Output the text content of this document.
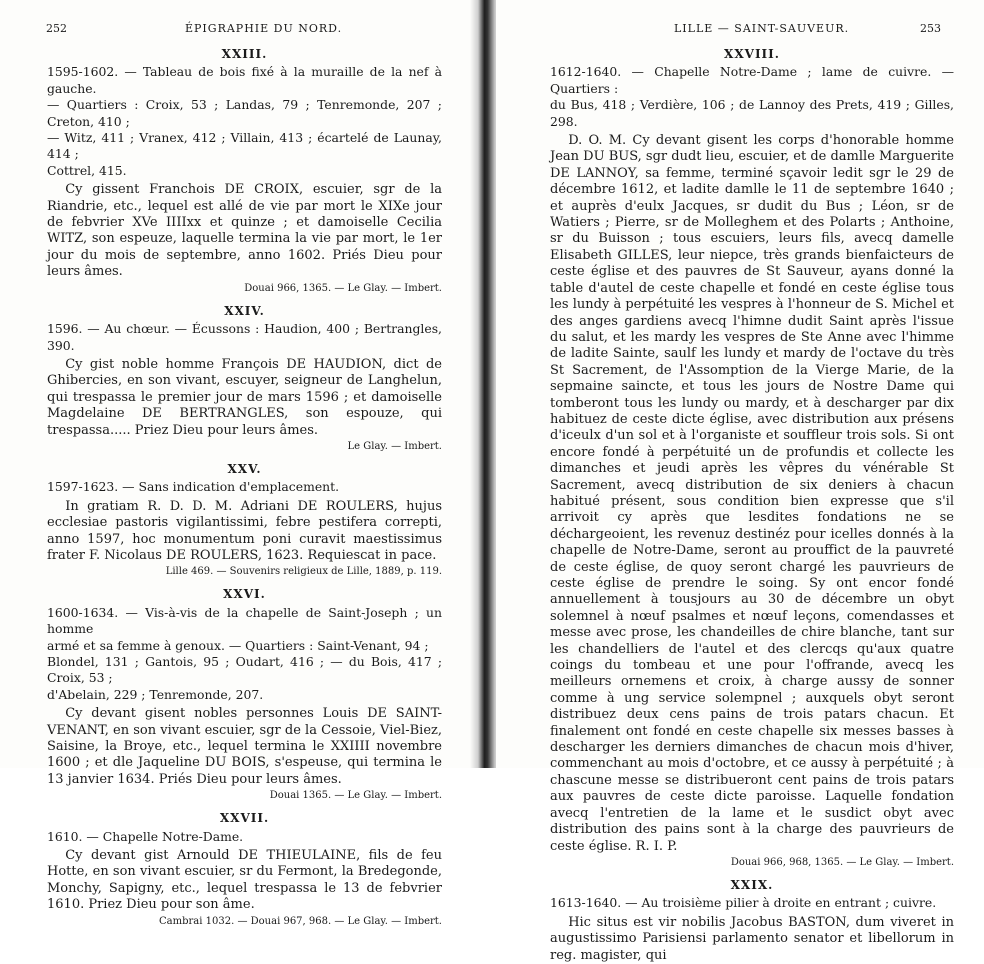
252	ÉPIGRAPHIE DU NORD.
XXIII.
1595-1602. — Tableau de bois fixé à la muraille de la nef à gauche.
— Quartiers : Croix, 53 ; Landas, 79 ; Tenremonde, 207 ; Creton, 410 ;
— Witz, 411 ; Vranex, 412 ; Villain, 413 ; écartelé de Launay, 414 ;
Cottrel, 415.
Cy gissent Franchois DE CROIX, escuier, sgr de la Riandrie, etc., lequel est allé de vie par mort le XIXe jour de febvrier XVe IIIIxx et quinze ; et damoiselle Cecilia WITZ, son espeuze, laquelle termina la vie par mort, le 1er jour du mois de septembre, anno 1602. Priés Dieu pour leurs âmes.
Douai 966, 1365. — Le Glay. — Imbert.
XXIV.
1596. — Au chœur. — Écussons : Haudion, 400 ; Bertrangles, 390.
Cy gist noble homme François DE HAUDION, dict de Ghibercies, en son vivant, escuyer, seigneur de Langhelun, qui trespassa le premier jour de mars 1596 ; et damoiselle Magdelaine DE BERTRANGLES, son espouze, qui trespassa..... Priez Dieu pour leurs âmes.
Le Glay. — Imbert.
XXV.
1597-1623. — Sans indication d'emplacement.
In gratiam R. D. D. M. Adriani DE ROULERS, hujus ecclesiae pastoris vigilantissimi, febre pestifera correpti, anno 1597, hoc monumentum poni curavit maestissimus frater F. Nicolaus DE ROULERS, 1623. Requiescat in pace.
Lille 469. — Souvenirs religieux de Lille, 1889, p. 119.
XXVI.
1600-1634. — Vis-à-vis de la chapelle de Saint-Joseph ; un homme
armé et sa femme à genoux. — Quartiers : Saint-Venant, 94 ;
Blondel, 131 ; Gantois, 95 ; Oudart, 416 ; — du Bois, 417 ; Croix, 53 ;
d'Abelain, 229 ; Tenremonde, 207.
Cy devant gisent nobles personnes Louis DE SAINT-VENANT, en son vivant escuier, sgr de la Cessoie, Viel-Biez, Saisine, la Broye, etc., lequel termina le XXIIII novembre 1600 ; et dle Jaqueline DU BOIS, s'espeuse, qui termina le 13 janvier 1634. Priés Dieu pour leurs âmes.
Douai 1365. — Le Glay. — Imbert.
XXVII.
1610. — Chapelle Notre-Dame.
Cy devant gist Arnould DE THIEULAINE, fils de feu Hotte, en son vivant escuier, sr du Fermont, la Bredegonde, Monchy, Sapigny, etc., lequel trespassa le 13 de febvrier 1610. Priez Dieu pour son âme.
Cambrai 1032. — Douai 967, 968. — Le Glay. — Imbert.
LILLE — SAINT-SAUVEUR.	253
XXVIII.
1612-1640. — Chapelle Notre-Dame ; lame de cuivre. — Quartiers :
du Bus, 418 ; Verdière, 106 ; de Lannoy des Prets, 419 ; Gilles, 298.
D. O. M. Cy devant gisent les corps d'honorable homme Jean DU BUS, sgr dudt lieu, escuier, et de damlle Marguerite DE LANNOY, sa femme, terminé sçavoir ledit sgr le 29 de décembre 1612, et ladite damlle le 11 de septembre 1640 ; et auprès d'eulx Jacques, sr dudit du Bus ; Léon, sr de Watiers ; Pierre, sr de Molleghem et des Polarts ; Anthoine, sr du Buisson ; tous escuiers, leurs fils, avecq damelle Elisabeth GILLES, leur niepce, très grands bienfaicteurs de ceste église et des pauvres de St Sauveur, ayans donné la table d'autel de ceste chapelle et fondé en ceste église tous les lundy à perpétuité les vespres à l'honneur de S. Michel et des anges gardiens avecq l'himne dudit Saint après l'issue du salut, et les mardy les vespres de Ste Anne avec l'himme de ladite Sainte, saulf les lundy et mardy de l'octave du très St Sacrement, de l'Assomption de la Vierge Marie, de la sepmaine saincte, et tous les jours de Nostre Dame qui tomberont tous les lundy ou mardy, et à descharger par dix habituez de ceste dicte église, avec distribution aux présens d'iceulx d'un sol et à l'organiste et souffleur trois sols. Si ont encore fondé à perpétuité un de profundis et collecte les dimanches et jeudi après les vêpres du vénérable St Sacrement, avecq distribution de six deniers à chacun habitué présent, sous condition bien expresse que s'il arrivoit cy après que lesdites fondations ne se déchargeoient, les revenuz destinéz pour icelles donnés à la chapelle de Notre-Dame, seront au prouffict de la pauvreté de ceste église, de quoy seront chargé les pauvrieurs de ceste église de prendre le soing. Sy ont encor fondé annuellement à tousjours au 30 de décembre un obyt solemnel à nœuf psalmes et nœuf leçons, comendasses et messe avec prose, les chandeilles de chire blanche, tant sur les chandelliers de l'autel et des clercqs qu'aux quatre coings du tombeau et une pour l'offrande, avecq les meilleurs ornemens et croix, à charge aussy de sonner comme à ung service solempnel ; auxquels obyt seront distribuez deux cens pains de trois patars chacun. Et finalement ont fondé en ceste chapelle six messes basses à descharger les derniers dimanches de chacun mois d'hiver, commenchant au mois d'octobre, et ce aussy à perpétuité ; à chascune messe se distribueront cent pains de trois patars aux pauvres de ceste dicte paroisse. Laquelle fondation avecq l'entretien de la lame et le susdict obyt avec distribution des pains sont à la charge des pauvrieurs de ceste église. R. I. P.
Douai 966, 968, 1365. — Le Glay. — Imbert.
XXIX.
1613-1640. — Au troisième pilier à droite en entrant ; cuivre.
Hic situs est vir nobilis Jacobus BASTON, dum viveret in augustissimo Parisiensi parlamento senator et libellorum in reg. magister, qui
